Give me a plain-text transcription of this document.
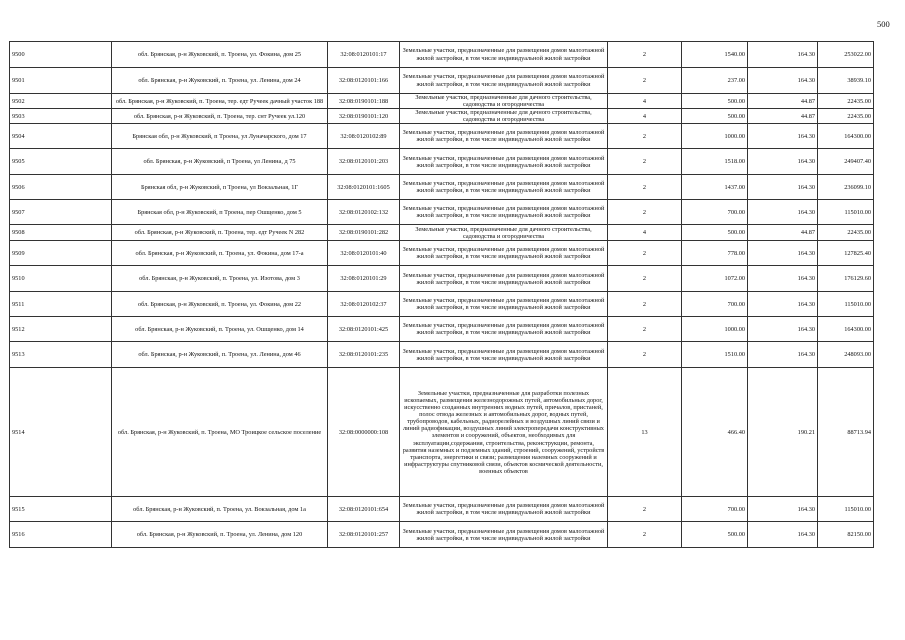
500
9500	обл. Брянская, р-н Жуковский, п. Троена, ул. Фокина, дом 25	32:08:0120101:17	Земельные участки, предназначенные для размещения домов малоэтажной жилой застройки, в том числе индивидуальной жилой застройки	2	1540.00	164.30	253022.00
9501	обл. Брянская, р-н Жуковский, п. Троена, ул. Ленина, дом 24	32:08:0120101:166	Земельные участки, предназначенные для размещения домов малоэтажной жилой застройки, в том числе индивидуальной жилой застройки	2	237.00	164.30	38939.10
9502	обл. Брянская, р-н Жуковский, п. Троена, тер. едт Ручеек дачный участок 188	32:08:0190101:188	Земельные участки, предназначенные для дачного строительства, садоводства и огородничества	4	500.00	44.87	22435.00
9503	обл. Брянская, р-н Жуковский, п. Троена, тер. снт Ручеек ул.120	32:08:0190101:120	Земельные участки, предназначенные для дачного строительства, садоводства и огородничества	4	500.00	44.87	22435.00
9504	Брянская обл, р-н Жуковский, п Троена, ул Луначарского, дом 17	32:08:0120102:89	Земельные участки, предназначенные для размещения домов малоэтажной жилой застройки, в том числе индивидуальной жилой застройки	2	1000.00	164.30	164300.00
9505	обл. Брянская, р-н Жуковский, п Троена, ул Ленина, д 75	32:08:0120101:203	Земельные участки, предназначенные для размещения домов малоэтажной жилой застройки, в том числе индивидуальной жилой застройки	2	1518.00	164.30	249407.40
9506	Брянская обл, р-н Жуковский, п Троена, ул Вокзальная, 1Г	32:08:0120101:1605	Земельные участки, предназначенные для размещения домов малоэтажной жилой застройки, в том числе индивидуальной жилой застройки	2	1437.00	164.30	236099.10
9507	Брянская обл, р-н Жуковский, п Троена, пер Ошщенко, дом 5	32:08:0120102:132	Земельные участки, предназначенные для размещения домов малоэтажной жилой застройки, в том числе индивидуальной жилой застройки	2	700.00	164.30	115010.00
9508	обл. Брянская, р-н Жуковский, п. Троена, тер. едт Ручеек N 282	32:08:0190101:282	Земельные участки, предназначенные для дачного строительства, садоводства и огородничества	4	500.00	44.87	22435.00
9509	обл. Брянская, р-н Жуковский, п. Троена, ул. Фокина, дом 17-а	32:08:0120101:40	Земельные участки, предназначенные для размещения домов малоэтажной жилой застройки, в том числе индивидуальной жилой застройки	2	778.00	164.30	127825.40
9510	обл. Брянская, р-н Жуковский, п. Троена, ул. Изотова, дом 3	32:08:0120101:29	Земельные участки, предназначенные для размещения домов малоэтажной жилой застройки, в том числе индивидуальной жилой застройки	2	1072.00	164.30	176129.60
9511	обл. Брянская, р-н Жуковский, п. Троена, ул. Фокина, дом 22	32:08:0120102:37	Земельные участки, предназначенные для размещения домов малоэтажной жилой застройки, в том числе индивидуальной жилой застройки	2	700.00	164.30	115010.00
9512	обл. Брянская, р-н Жуковский, п. Троена, ул. Ошщенко, дом 14	32:08:0120101:425	Земельные участки, предназначенные для размещения домов малоэтажной жилой застройки, в том числе индивидуальной жилой застройки	2	1000.00	164.30	164300.00
9513	обл. Брянская, р-н Жуковский, п. Троена, ул. Ленина, дом 46	32:08:0120101:235	Земельные участки, предназначенные для размещения домов малоэтажной жилой застройки, в том числе индивидуальной жилой застройки	2	1510.00	164.30	248093.00
9514	обл. Брянская, р-н Жуковский, п. Троена, МО Троицкое сельское поселение	32:08:0000000:108	Земельные участки, предназначенные для разработки полезных ископаемых, размещения железнодорожных путей, автомобильных дорог, искусственно созданных внутренних водных путей, причалов, пристаней, полос отвода железных и автомобильных дорог, водных путей, трубопроводов, кабельных, радиорелейных и воздушных линий связи и линий радиофикации, воздушных линий электропередачи конструктивных элементов и сооружений, объектов, необходимых для эксплуатации,содержания, строительства, реконструкции, ремонта, развития наземных и подземных зданий, строений, сооружений, устройств транспорта, энергетики и связи; размещения наземных сооружений и инфраструктуры спутниковой связи, объектов космической деятельности, военных объектов	13	466.40	190.21	88713.94
9515	обл. Брянская, р-н Жуковский, п. Троена, ул. Вокзальная, дом 1а	32:08:0120101:654	Земельные участки, предназначенные для размещения домов малоэтажной жилой застройки, в том числе индивидуальной жилой застройки	2	700.00	164.30	115010.00
9516	обл. Брянская, р-н Жуковский, п. Троена, ул. Ленина, дом 120	32:08:0120101:257	Земельные участки, предназначенные для размещения домов малоэтажной жилой застройки, в том числе индивидуальной жилой застройки	2	500.00	164.30	82150.00
